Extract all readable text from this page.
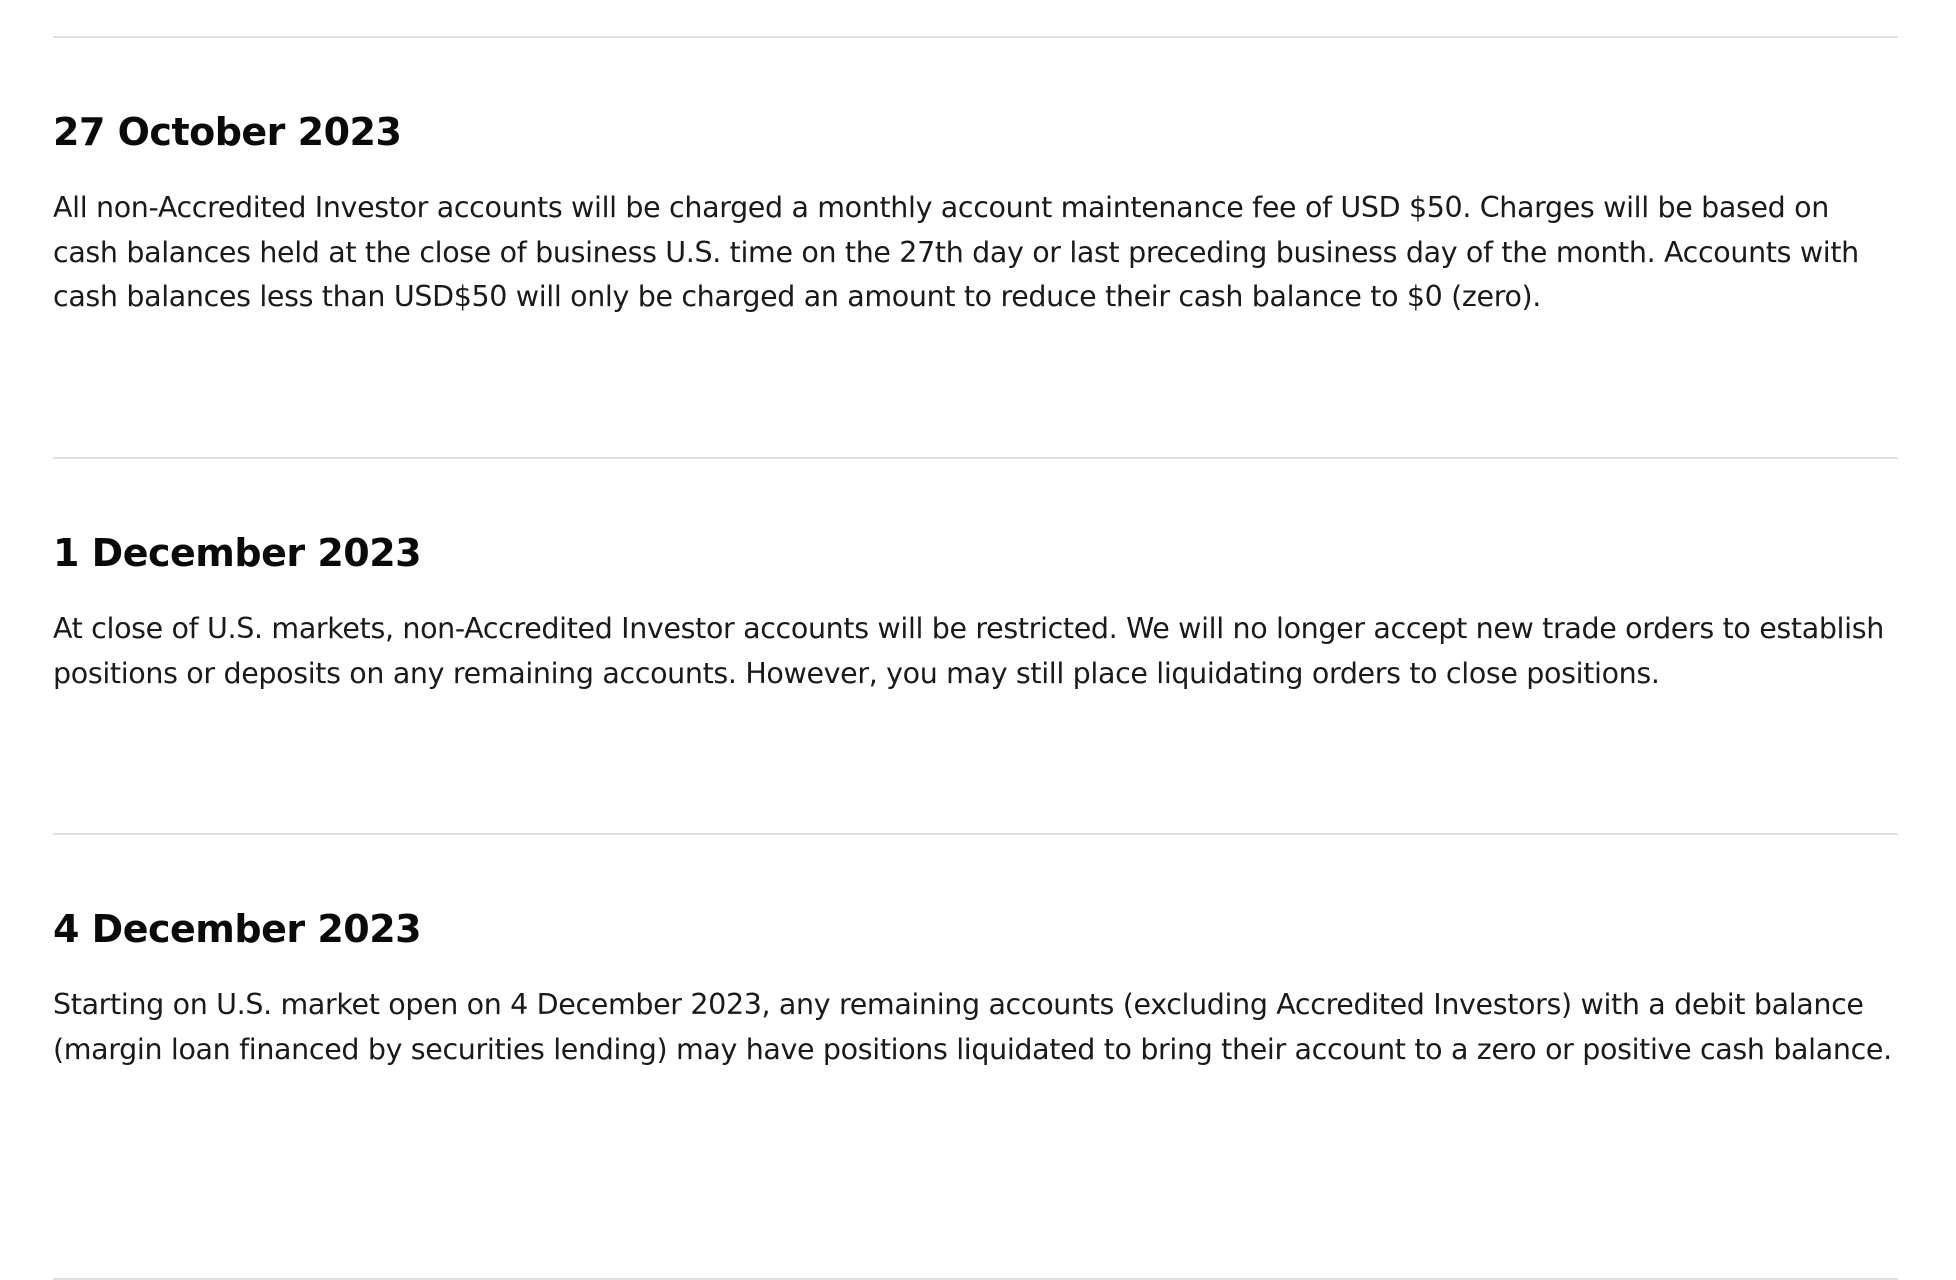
27 October 2023

All non-Accredited Investor accounts will be charged a monthly account maintenance fee of USD $50. Charges will be based on cash balances held at the close of business U.S. time on the 27th day or last preceding business day of the month. Accounts with cash balances less than USD$50 will only be charged an amount to reduce their cash balance to $0 (zero).

1 December 2023

At close of U.S. markets, non-Accredited Investor accounts will be restricted. We will no longer accept new trade orders to establish positions or deposits on any remaining accounts. However, you may still place liquidating orders to close positions.

4 December 2023

Starting on U.S. market open on 4 December 2023, any remaining accounts (excluding Accredited Investors) with a debit balance (margin loan financed by securities lending) may have positions liquidated to bring their account to a zero or positive cash balance.
